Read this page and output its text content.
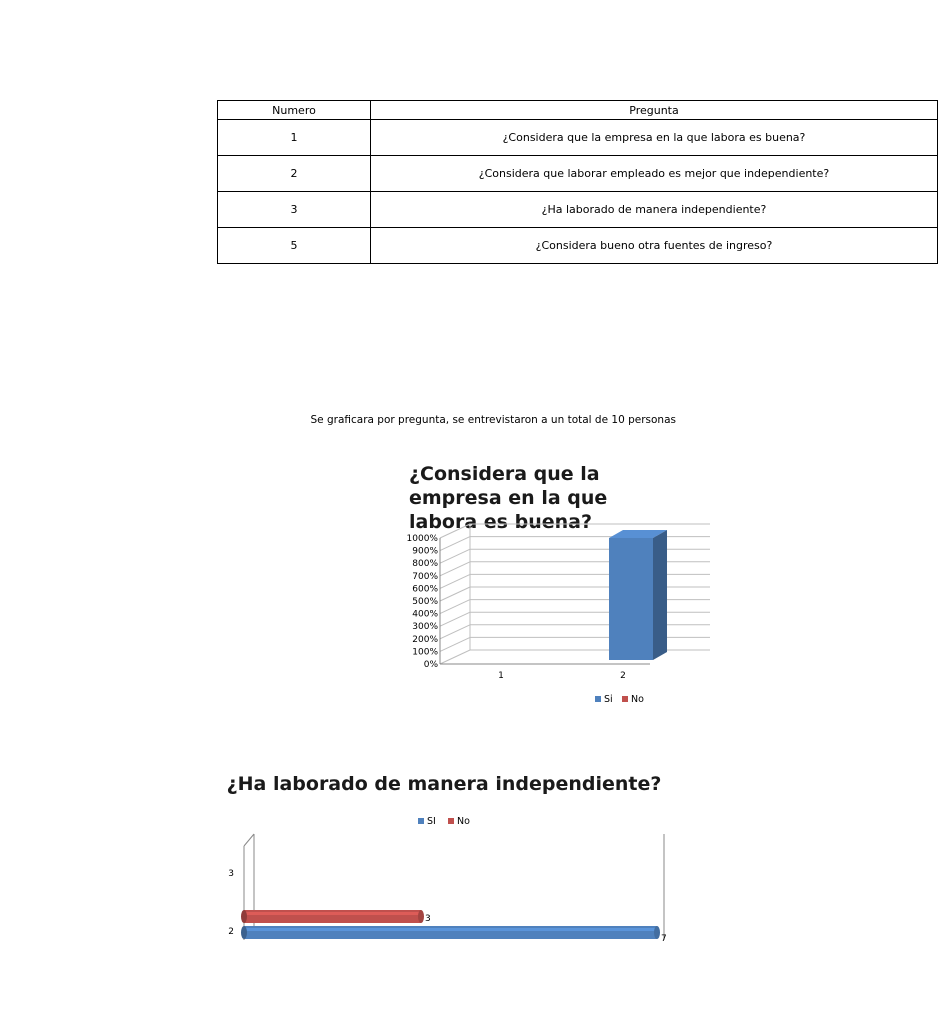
Numero	Pregunta
1	¿Considera que la empresa en la que labora es buena?
2	¿Considera que laborar empleado es mejor que independiente?
3	¿Ha laborado de manera independiente?
5	¿Considera bueno otra fuentes de ingreso?
Se graficara por pregunta, se entrevistaron a un total de 10 personas
¿Considera que la empresa en la que labora es buena?
0%
100%
200%
300%
400%
500%
600%
700%
800%
900%
1000%
1	2
Si No
¿Ha laborado de manera independiente?
SI No
2
3
7
3
